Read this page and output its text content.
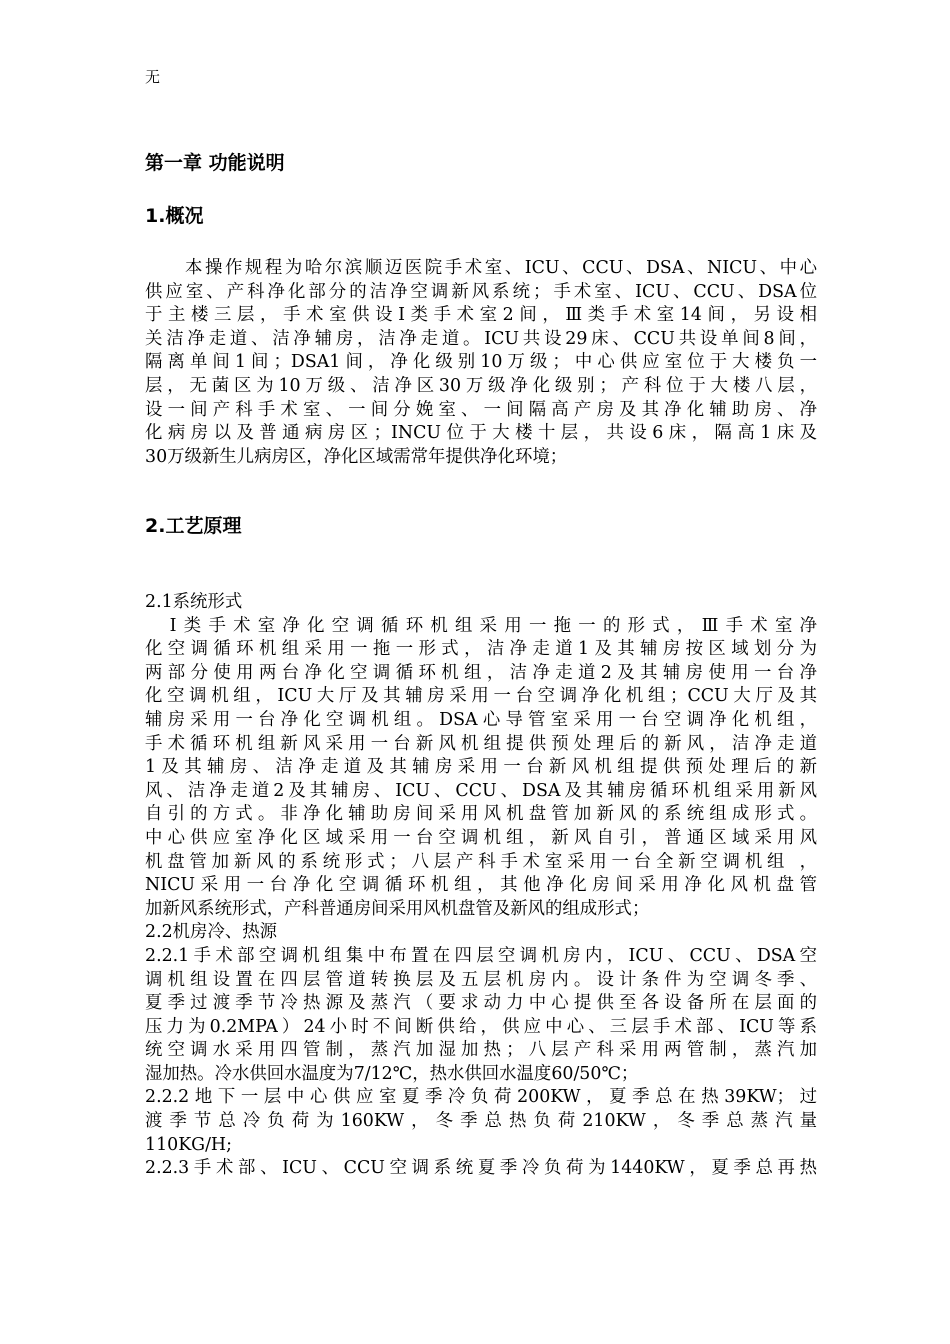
无
第一章 功能说明
1.概况
　　本操作规程为哈尔滨顺迈医院手术室、ICU、CCU、DSA、NICU、中心
供应室、产科净化部分的洁净空调新风系统；手术室、ICU、CCU、DSA位
于主楼三层，手术室供设Ⅰ类手术室2间，Ⅲ类手术室14间，另设相
关洁净走道、洁净辅房，洁净走道。ICU共设29床、CCU共设单间8间，
隔离单间1间；DSA1间，净化级别10万级；中心供应室位于大楼负一
层，无菌区为10万级、洁净区30万级净化级别；产科位于大楼八层，
设一间产科手术室、一间分娩室、一间隔高产房及其净化辅助房、净
化病房以及普通病房区；INCU位于大楼十层，共设6床，隔高1床及
30万级新生儿病房区，净化区域需常年提供净化环境；
2.工艺原理
2.1系统形式
　Ⅰ类手术室净化空调循环机组采用一拖一的形式，Ⅲ手术室净
化空调循环机组采用一拖一形式，洁净走道1及其辅房按区域划分为
两部分使用两台净化空调循环机组，洁净走道2及其辅房使用一台净
化空调机组，ICU大厅及其辅房采用一台空调净化机组；CCU大厅及其
辅房采用一台净化空调机组。DSA心导管室采用一台空调净化机组，
手术循环机组新风采用一台新风机组提供预处理后的新风，洁净走道
1及其辅房、洁净走道及其辅房采用一台新风机组提供预处理后的新
风、洁净走道2及其辅房、ICU、CCU、DSA及其辅房循环机组采用新风
自引的方式。非净化辅助房间采用风机盘管加新风的系统组成形式。
中心供应室净化区域采用一台空调机组，新风自引，普通区域采用风
机盘管加新风的系统形式；八层产科手术室采用一台全新空调机组 ，
NICU采用一台净化空调循环机组，其他净化房间采用净化风机盘管
加新风系统形式，产科普通房间采用风机盘管及新风的组成形式；
2.2机房冷、热源
2.2.1手术部空调机组集中布置在四层空调机房内，ICU、CCU、DSA空
调机组设置在四层管道转换层及五层机房内。设计条件为空调冬季、
夏季过渡季节冷热源及蒸汽（要求动力中心提供至各设备所在层面的
压力为0.2MPA）24小时不间断供给，供应中心、三层手术部、ICU等系
统空调水采用四管制，蒸汽加湿加热；八层产科采用两管制，蒸汽加
湿加热。冷水供回水温度为7/12℃，热水供回水温度60/50℃；
2.2.2地下一层中心供应室夏季冷负荷200KW，夏季总在热39KW；过
渡季节总冷负荷为160KW，冬季总热负荷210KW，冬季总蒸汽量
110KG/H;
2.2.3手术部、ICU、CCU空调系统夏季冷负荷为1440KW，夏季总再热
